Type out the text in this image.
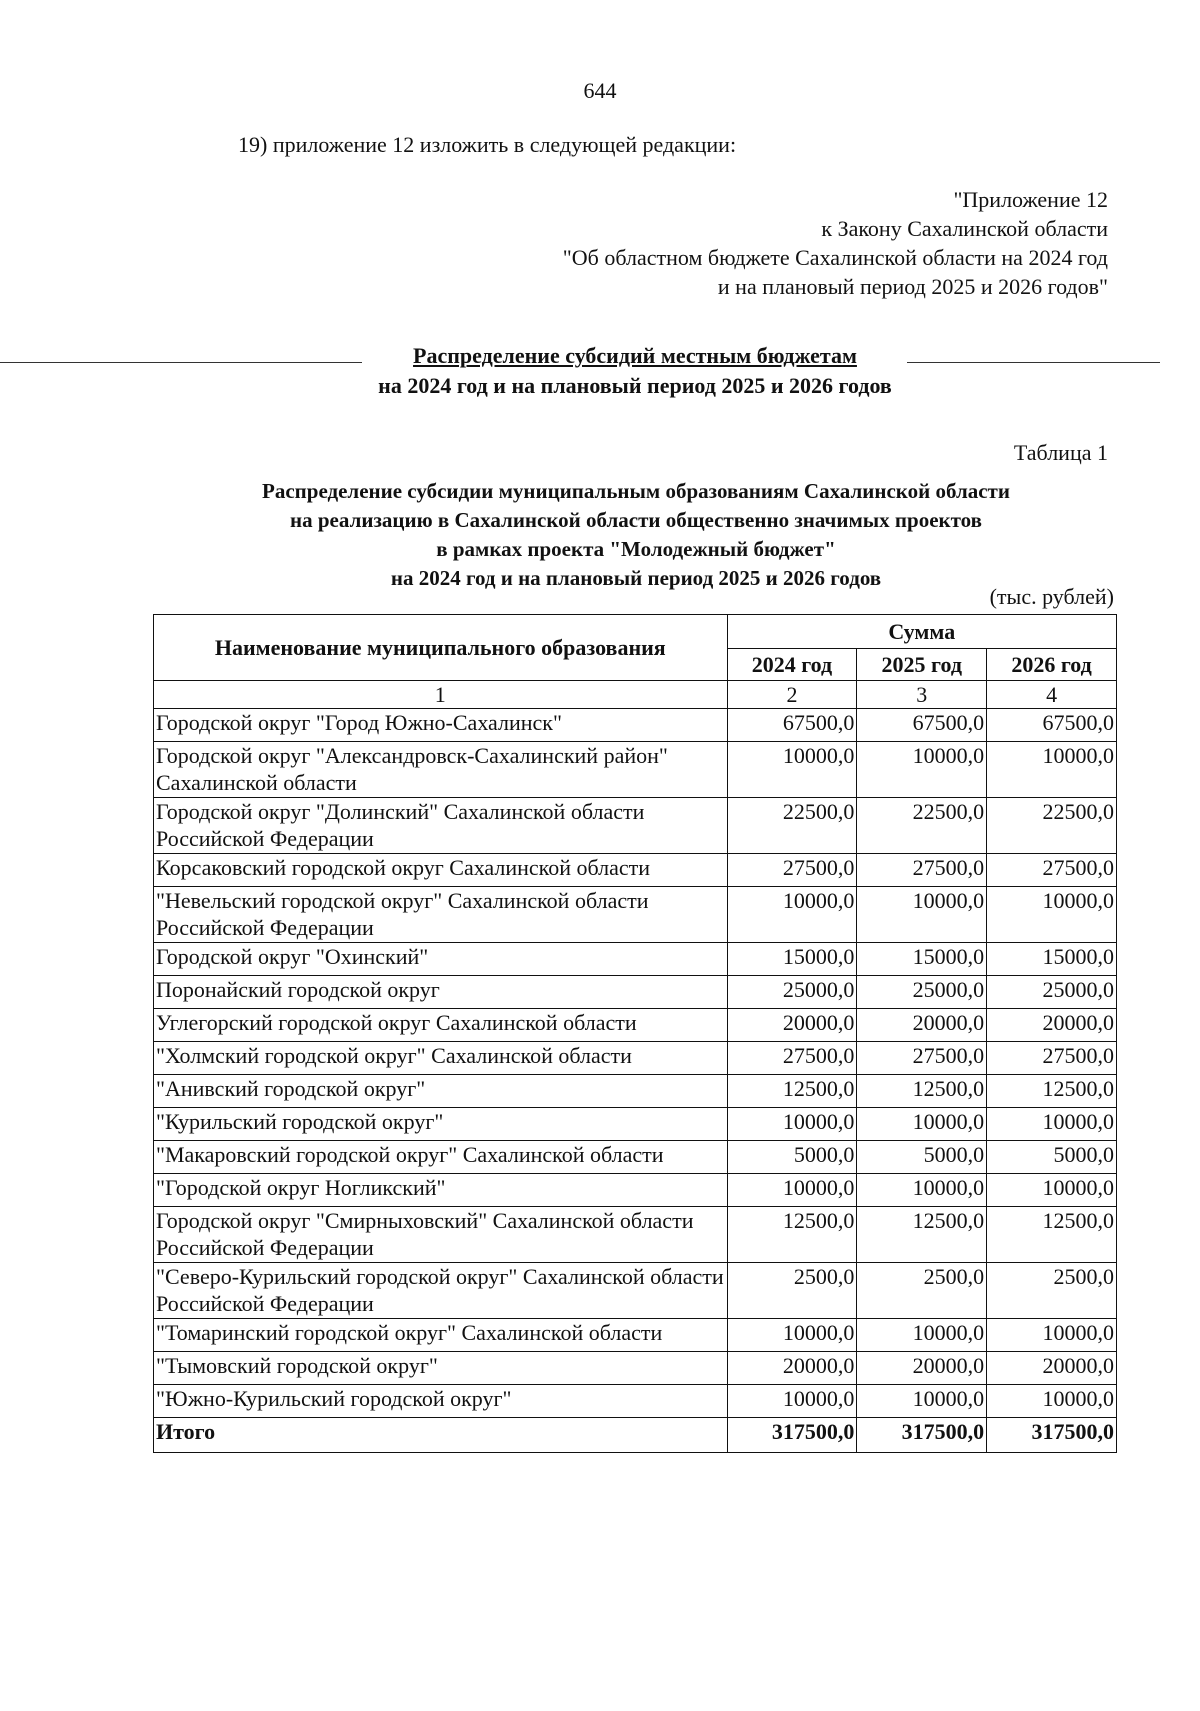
644
19) приложение 12 изложить в следующей редакции:
"Приложение 12
к Закону Сахалинской области
"Об областном бюджете Сахалинской области на 2024 год
и на плановый период 2025 и 2026 годов"
Распределение субсидий местным бюджетам
на 2024 год и на плановый период 2025 и 2026 годов
Таблица 1
Распределение субсидии муниципальным образованиям Сахалинской области
на реализацию в Сахалинской области общественно значимых проектов
в рамках проекта "Молодежный бюджет"
на 2024 год и на плановый период 2025 и 2026 годов
(тыс. рублей)
Наименование муниципального образования	Сумма		
	2024 год	2025 год	2026 год
1	2	3	4
Городской округ "Город Южно-Сахалинск"	67500,0	67500,0	67500,0
Городской округ "Александровск-Сахалинский район" Сахалинской области	10000,0	10000,0	10000,0
Городской округ "Долинский" Сахалинской области Российской Федерации	22500,0	22500,0	22500,0
Корсаковский городской округ Сахалинской области	27500,0	27500,0	27500,0
"Невельский городской округ" Сахалинской области Российской Федерации	10000,0	10000,0	10000,0
Городской округ "Охинский"	15000,0	15000,0	15000,0
Поронайский городской округ	25000,0	25000,0	25000,0
Углегорский городской округ Сахалинской области	20000,0	20000,0	20000,0
"Холмский городской округ" Сахалинской области	27500,0	27500,0	27500,0
"Анивский городской округ"	12500,0	12500,0	12500,0
"Курильский городской округ"	10000,0	10000,0	10000,0
"Макаровский городской округ" Сахалинской области	5000,0	5000,0	5000,0
"Городской округ Ногликский"	10000,0	10000,0	10000,0
Городской округ "Смирныховский" Сахалинской области Российской Федерации	12500,0	12500,0	12500,0
"Северо-Курильский городской округ" Сахалинской области Российской Федерации	2500,0	2500,0	2500,0
"Томаринский городской округ" Сахалинской области	10000,0	10000,0	10000,0
"Тымовский городской округ"	20000,0	20000,0	20000,0
"Южно-Курильский городской округ"	10000,0	10000,0	10000,0
Итого	317500,0	317500,0	317500,0
